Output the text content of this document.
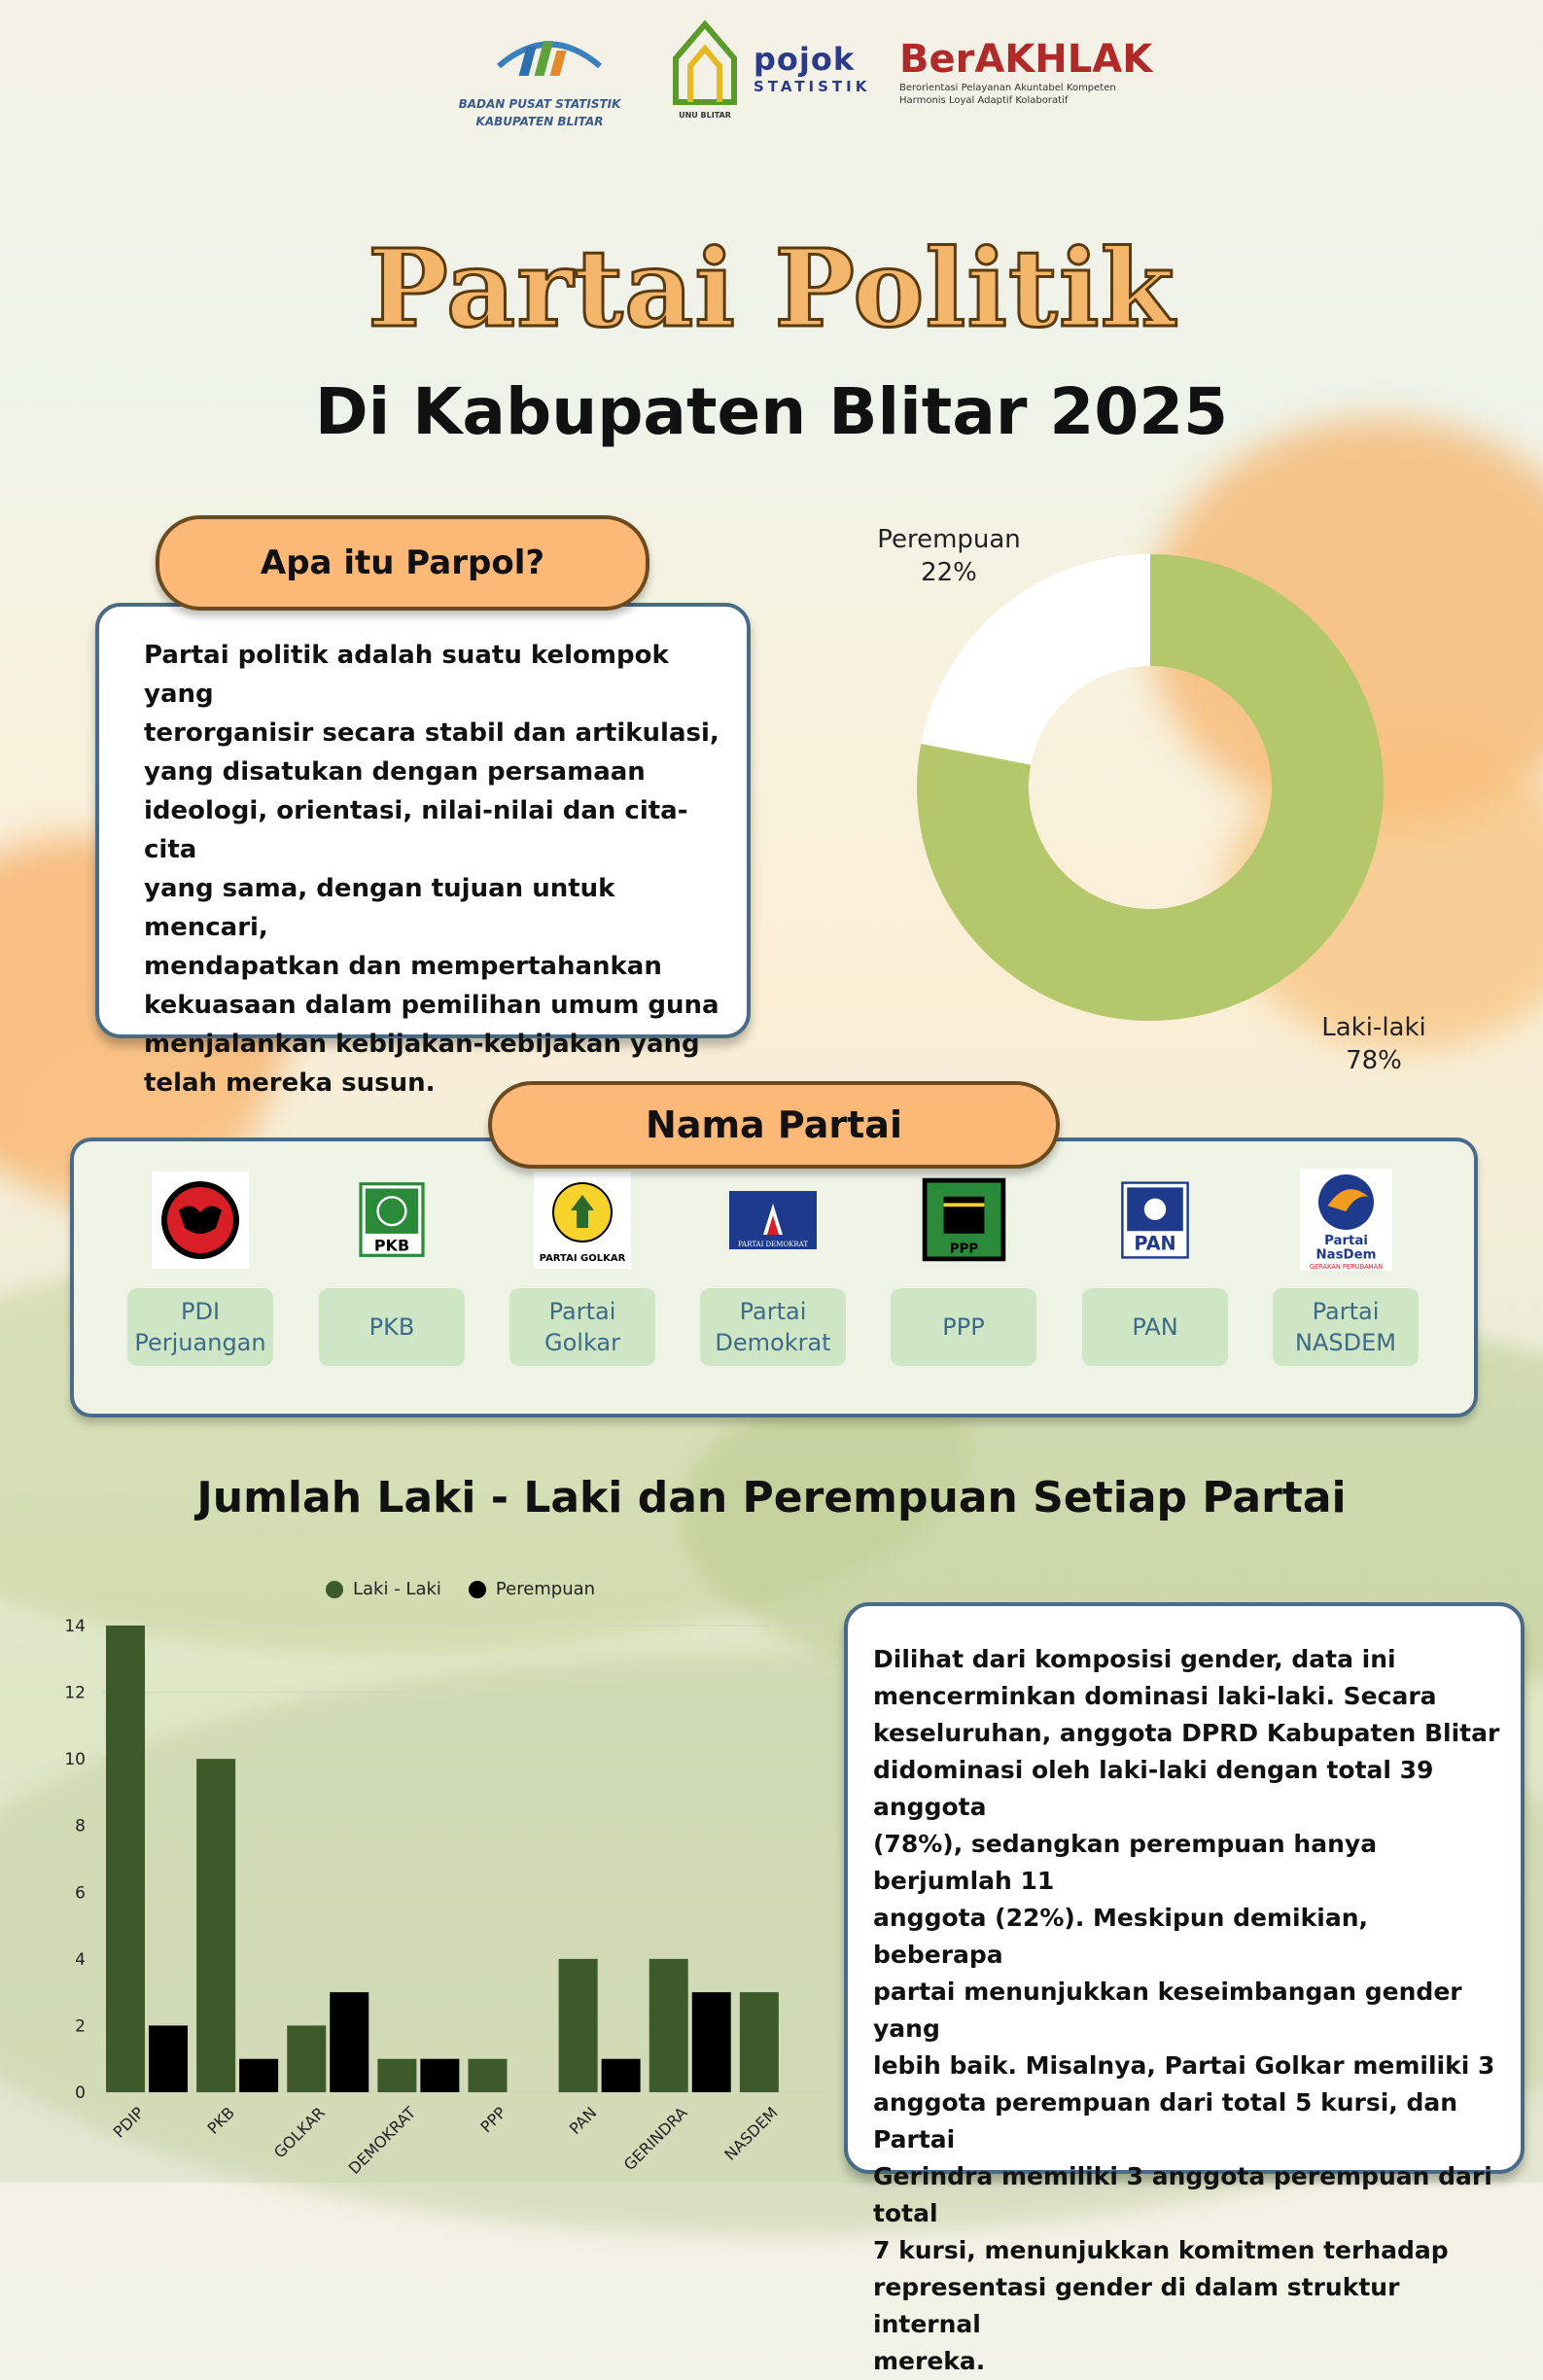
BADAN PUSAT STATISTIK
KABUPATEN BLITAR	UNU BLITAR
pojok
STATISTIK
BerAKHLAK
Berorientasi Pelayanan Akuntabel Kompeten
Harmonis Loyal Adaptif Kolaboratif
Partai Politik
Di Kabupaten Blitar 2025
Partai politik adalah suatu kelompok yang
terorganisir secara stabil dan artikulasi,
yang disatukan dengan persamaan
ideologi, orientasi, nilai-nilai dan cita-cita
yang sama, dengan tujuan untuk mencari,
mendapatkan dan mempertahankan
kekuasaan dalam pemilihan umum guna
menjalankan kebijakan-kebijakan yang
telah mereka susun.
Apa itu Parpol?
Laki-laki 78%
Perempuan 22%
PDI Perjuangan
PKB
PKB
PARTAI GOLKAR
Partai Golkar
PARTAI DEMOKRAT
Partai Demokrat
PPP
PPP
PAN
PAN
Partai
NasDem
GERAKAN PERUBAHAN
Partai NASDEM
Nama Partai
Jumlah Laki - Laki dan Perempuan Setiap Partai
Laki - Laki	Perempuan
0
2
4
6
8
10
12
14
PDIP	PKB GOLKAR DEMOKRAT	PPP	PAN GERINDRA NASDEM
Dilihat dari komposisi gender, data ini
mencerminkan dominasi laki-laki. Secara
keseluruhan, anggota DPRD Kabupaten Blitar
didominasi oleh laki-laki dengan total 39 anggota
(78%), sedangkan perempuan hanya berjumlah 11
anggota (22%). Meskipun demikian, beberapa
partai menunjukkan keseimbangan gender yang
lebih baik. Misalnya, Partai Golkar memiliki 3
anggota perempuan dari total 5 kursi, dan Partai
Gerindra memiliki 3 anggota perempuan dari total
7 kursi, menunjukkan komitmen terhadap
representasi gender di dalam struktur internal
mereka.
